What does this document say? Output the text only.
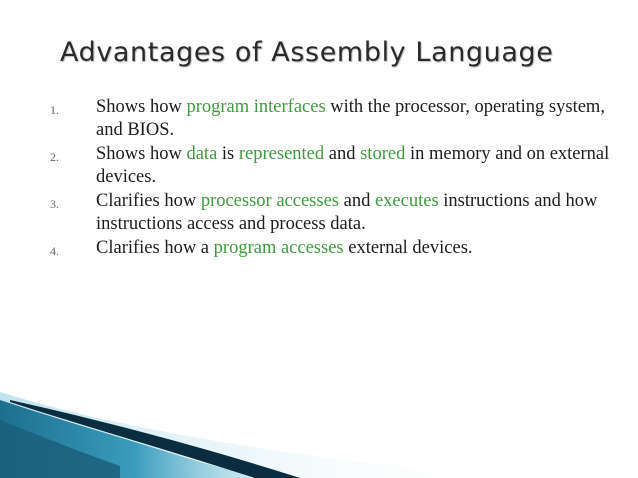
Advantages of Assembly Language
1. Shows how program interfaces with the processor, operating system, and BIOS.
2. Shows how data is represented and stored in memory and on external devices.
3. Clarifies how processor accesses and executes instructions and how instructions access and process data.
4. Clarifies how a program accesses external devices.
